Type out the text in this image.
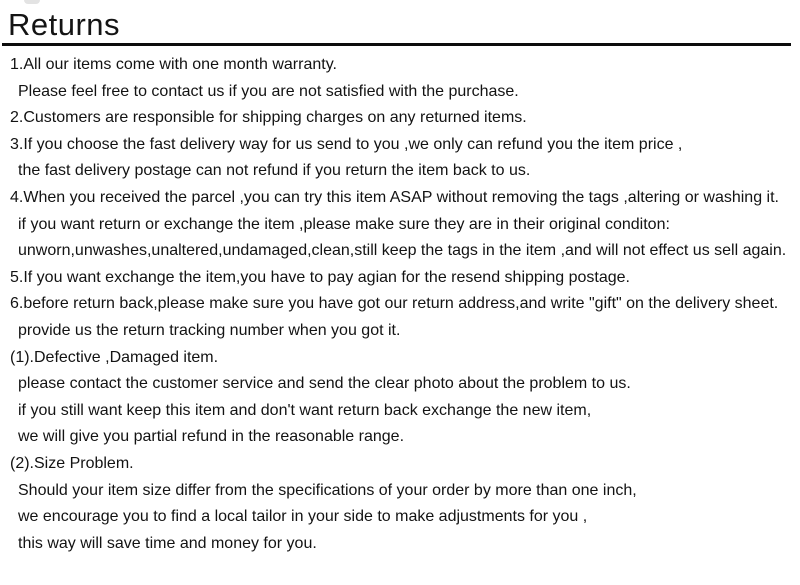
Returns
1.All our items come with one month warranty.
Please feel free to contact us if you are not satisfied with the purchase.
2.Customers are responsible for shipping charges on any returned items.
3.If you choose the fast delivery way for us send to you ,we only can refund you the item price ,
the fast delivery postage can not refund if you return the item back to us.
4.When you received the parcel ,you can try this item ASAP without removing the tags ,altering or washing it.
if you want return or exchange the item ,please make sure they are in their original conditon:
unworn,unwashes,unaltered,undamaged,clean,still keep the tags in the item ,and will not effect us sell again.
5.If you want exchange the item,you have to pay agian for the resend shipping postage.
6.before return back,please make sure you have got our return address,and write "gift" on the delivery sheet.
provide us the return tracking number when you got it.
(1).Defective ,Damaged item.
please contact the customer service and send the clear photo about the problem to us.
if you still want keep this item and don't want return back exchange the new item,
we will give you partial refund in the reasonable range.
(2).Size Problem.
Should your item size differ from the specifications of your order by more than one inch,
we encourage you to find a local tailor in your side to make adjustments for you ,
this way will save time and money for you.
